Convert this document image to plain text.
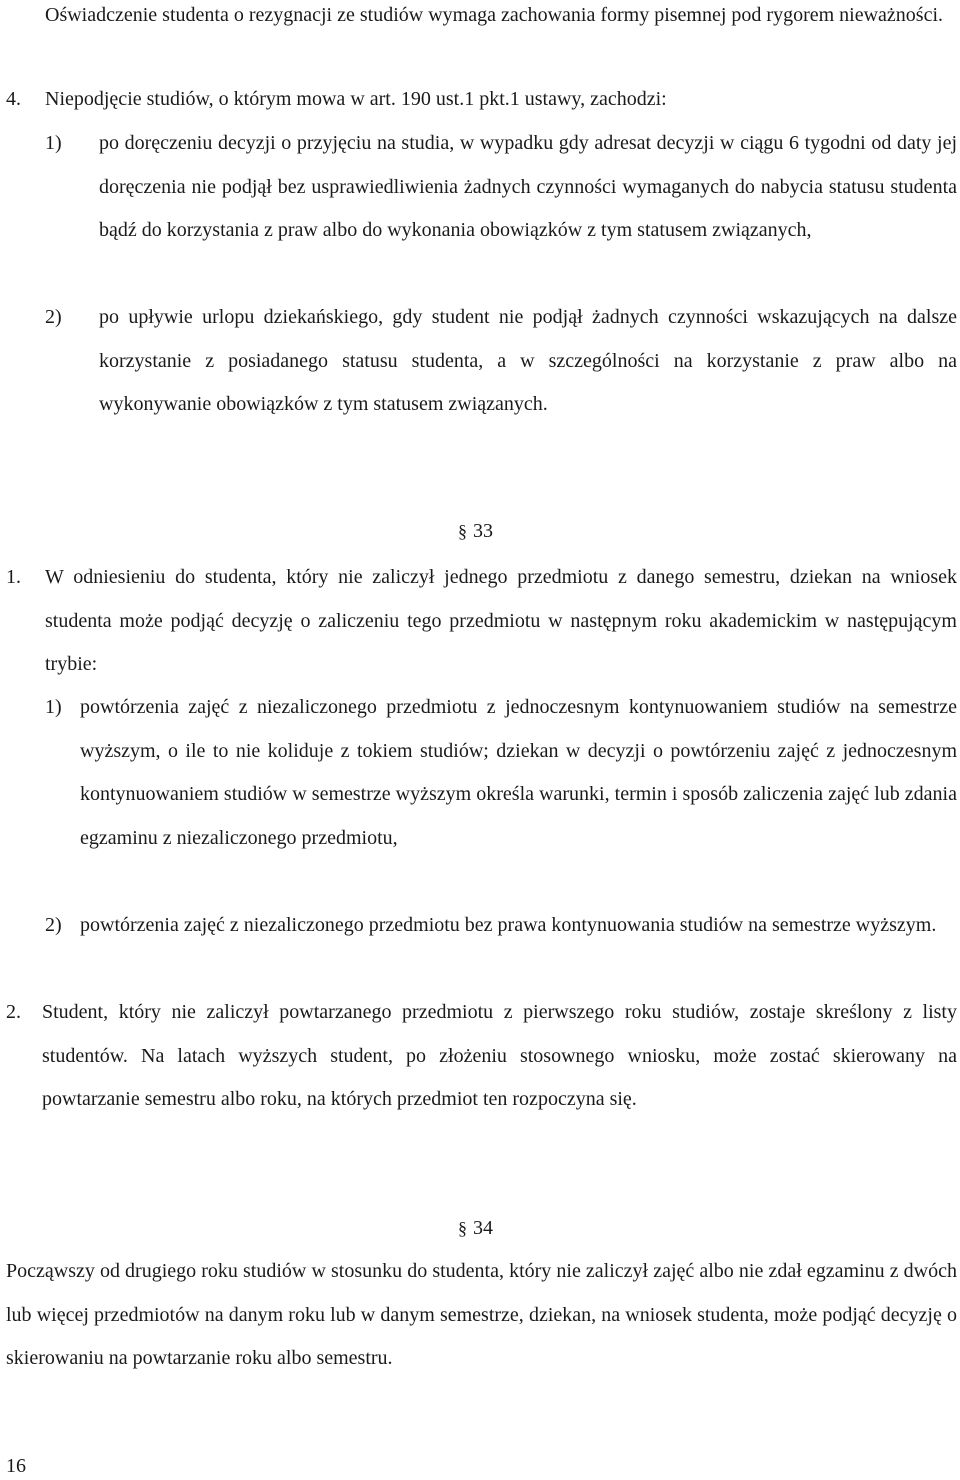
Oświadczenie studenta o rezygnacji ze studiów wymaga zachowania formy pisemnej pod rygorem nieważności.

4. Niepodjęcie studiów, o którym mowa w art. 190 ust.1 pkt.1 ustawy, zachodzi:

1) po doręczeniu decyzji o przyjęciu na studia, w wypadku gdy adresat decyzji w ciągu 6 tygodni od daty jej doręczenia nie podjął bez usprawiedliwienia żadnych czynności wymaganych do nabycia statusu studenta bądź do korzystania z praw albo do wykonania obowiązków z tym statusem związanych,

2) po upływie urlopu dziekańskiego, gdy student nie podjął żadnych czynności wskazujących na dalsze korzystanie z posiadanego statusu studenta, a w szczególności na korzystanie z praw albo na wykonywanie obowiązków z tym statusem związanych.

§ 33
1. W odniesieniu do studenta, który nie zaliczył jednego przedmiotu z danego semestru, dziekan na wniosek studenta może podjąć decyzję o zaliczeniu tego przedmiotu w następnym roku akademickim w następującym trybie:

1) powtórzenia zajęć z niezaliczonego przedmiotu z jednoczesnym kontynuowaniem studiów na semestrze wyższym, o ile to nie koliduje z tokiem studiów; dziekan w decyzji o powtórzeniu zajęć z jednoczesnym kontynuowaniem studiów w semestrze wyższym określa warunki, termin i sposób zaliczenia zajęć lub zdania egzaminu z niezaliczonego przedmiotu,

2) powtórzenia zajęć z niezaliczonego przedmiotu bez prawa kontynuowania studiów na semestrze wyższym.

2. Student, który nie zaliczył powtarzanego przedmiotu z pierwszego roku studiów, zostaje skreślony z listy studentów. Na latach wyższych student, po złożeniu stosownego wniosku, może zostać skierowany na powtarzanie semestru albo roku, na których przedmiot ten rozpoczyna się.

§ 34

Począwszy od drugiego roku studiów w stosunku do studenta, który nie zaliczył zajęć albo nie zdał egzaminu z dwóch lub więcej przedmiotów na danym roku lub w danym semestrze, dziekan, na wniosek studenta, może podjąć decyzję o skierowaniu na powtarzanie roku albo semestru.

16
